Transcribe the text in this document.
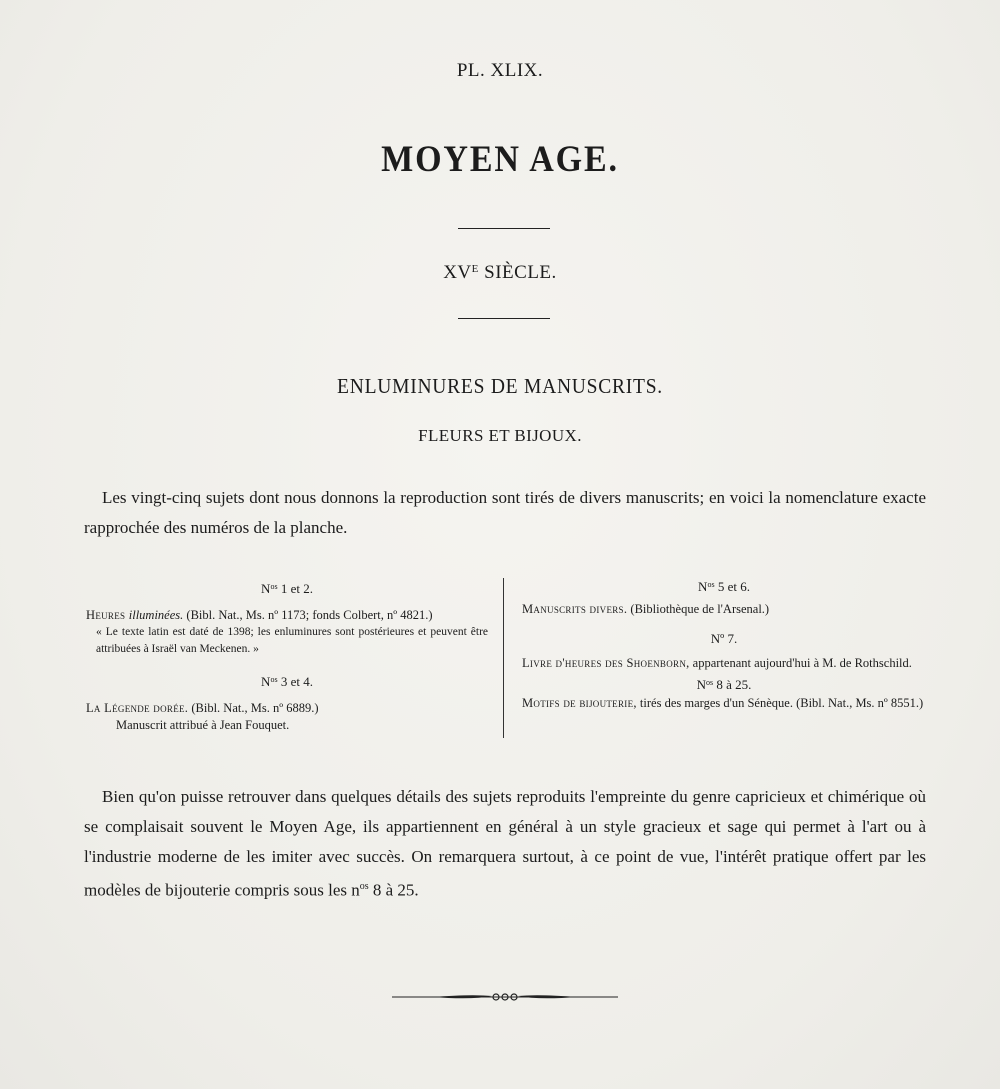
PL. XLIX.
MOYEN AGE.
$XV^E$ SIÈCLE.
ENLUMINURES DE MANUSCRITS.
FLEURS ET BIJOUX.
Les vingt-cinq sujets dont nous donnons la reproduction sont tirés de divers manuscrits; en voici la nomenclature exacte rapprochée des numéros de la planche.
$N^{os}$ 1 et 2.
Heures illuminées. (Bibl. Nat., Ms. nº 1173; fonds Colbert, nº 4821.)
« Le texte latin est daté de 1398; les enluminures sont postérieures et peuvent être attribuées à Israël van Meckenen. »
$N^{os}$ 3 et 4.
La Légende dorée. (Bibl. Nat., Ms. nº 6889.)
Manuscrit attribué à Jean Fouquet.
$N^{os}$ 5 et 6.
Manuscrits divers. (Bibliothèque de l'Arsenal.)
Nº 7.
Livre d'heures des Shoenborn, appartenant aujourd'hui à M. de Rothschild.
$N^{os}$ 8 à 25.
Motifs de bijouterie, tirés des marges d'un Sénèque. (Bibl. Nat., Ms. nº 8551.)
Bien qu'on puisse retrouver dans quelques détails des sujets reproduits l'empreinte du genre capricieux et chimérique où se complaisait souvent le Moyen Age, ils appartiennent en général à un style gracieux et sage qui permet à l'art ou à l'industrie moderne de les imiter avec succès. On remarquera surtout, à ce point de vue, l'intérêt pratique offert par les modèles de bijouterie compris sous les $n^{os}$ 8 à 25.
